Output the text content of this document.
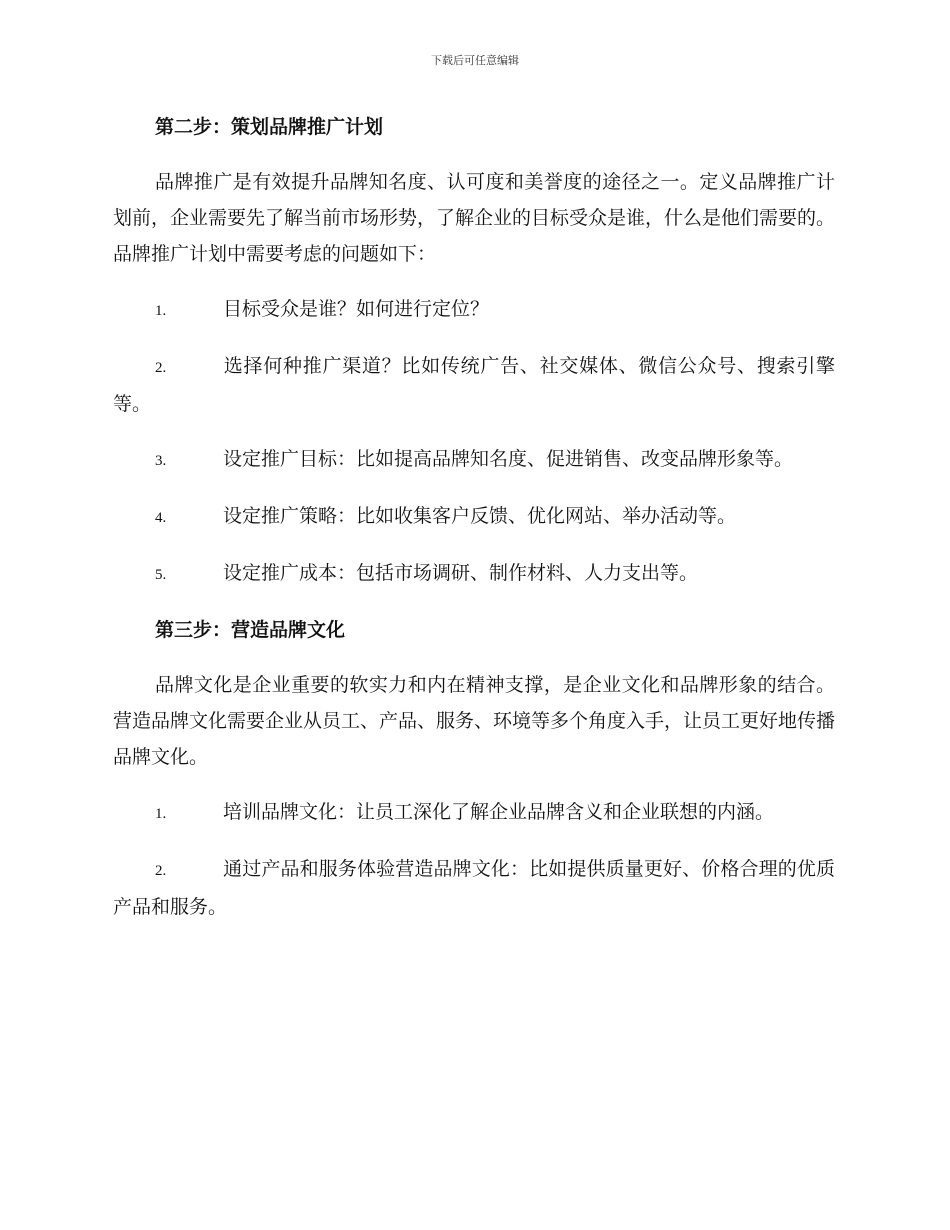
下载后可任意编辑
第二步：策划品牌推广计划
品牌推广是有效提升品牌知名度、认可度和美誉度的途径之一。定义品牌推广计划前，企业需要先了解当前市场形势，了解企业的目标受众是谁，什么是他们需要的。品牌推广计划中需要考虑的问题如下：
1.	目标受众是谁？如何进行定位？
2.	选择何种推广渠道？比如传统广告、社交媒体、微信公众号、搜索引擎等。
3.	设定推广目标：比如提高品牌知名度、促进销售、改变品牌形象等。
4.	设定推广策略：比如收集客户反馈、优化网站、举办活动等。
5.	设定推广成本：包括市场调研、制作材料、人力支出等。
第三步：营造品牌文化
品牌文化是企业重要的软实力和内在精神支撑，是企业文化和品牌形象的结合。营造品牌文化需要企业从员工、产品、服务、环境等多个角度入手，让员工更好地传播品牌文化。
1.	培训品牌文化：让员工深化了解企业品牌含义和企业联想的内涵。
2.	通过产品和服务体验营造品牌文化：比如提供质量更好、价格合理的优质产品和服务。
